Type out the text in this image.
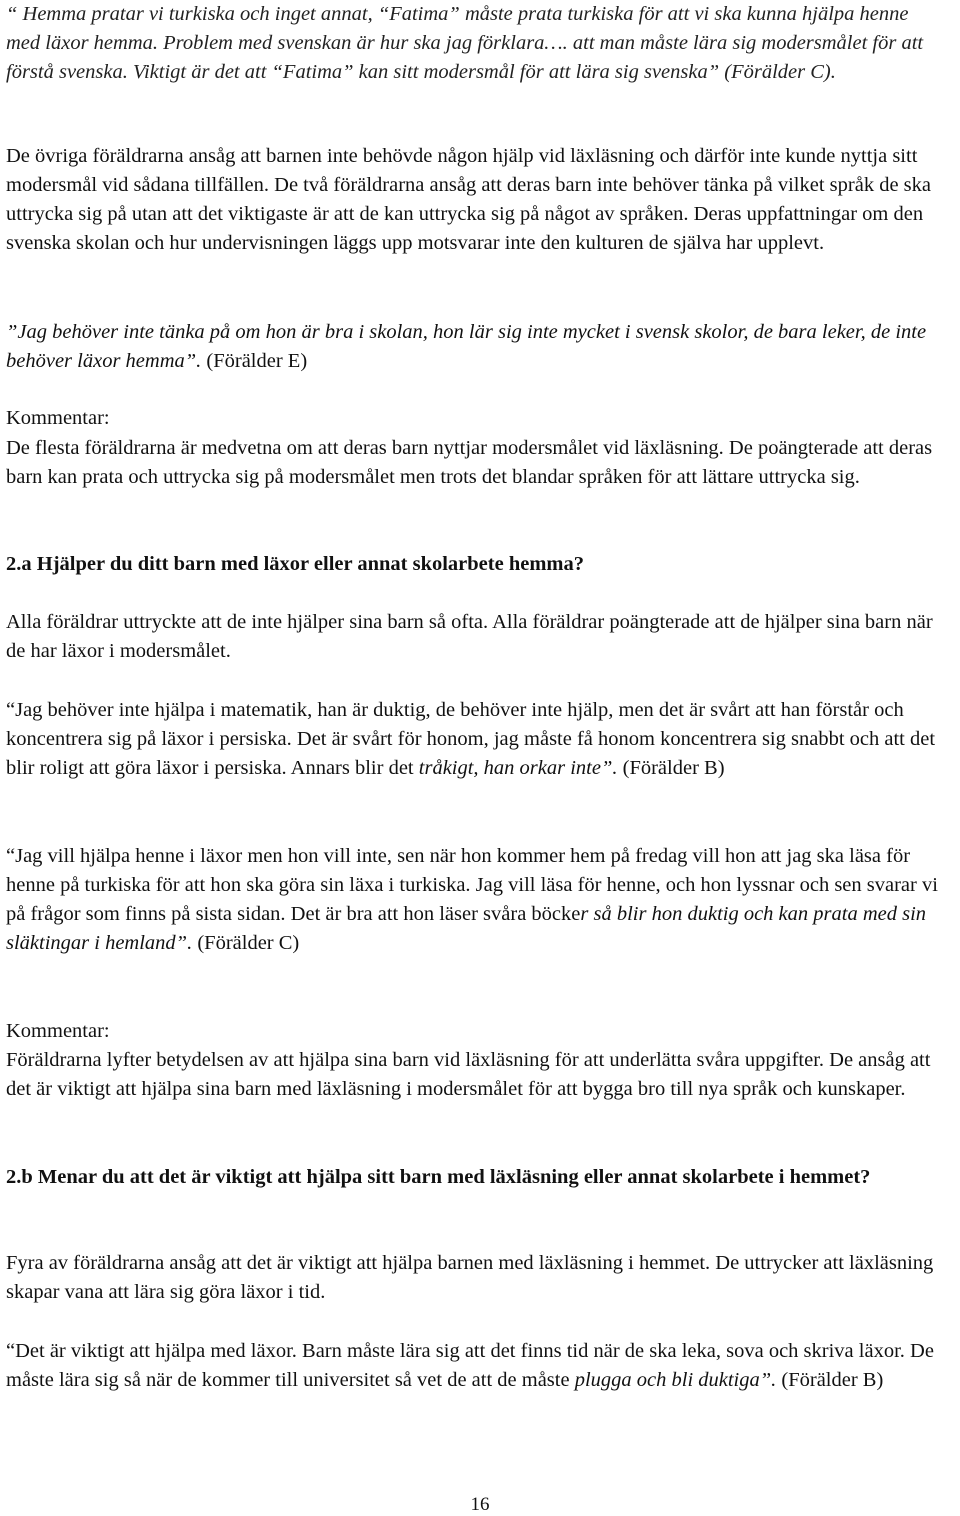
“ Hemma pratar vi turkiska och inget annat, “Fatima” måste prata turkiska för att vi ska kunna hjälpa henne med läxor hemma. Problem med svenskan är hur ska jag förklara…. att man måste lära sig modersmålet för att förstå svenska. Viktigt är det att “Fatima” kan sitt modersmål för att lära sig svenska” (Förälder C).

De övriga föräldrarna ansåg att barnen inte behövde någon hjälp vid läxläsning och därför inte kunde nyttja sitt modersmål vid sådana tillfällen. De två föräldrarna ansåg att deras barn inte behöver tänka på vilket språk de ska uttrycka sig på utan att det viktigaste är att de kan uttrycka sig på något av språken. Deras uppfattningar om den svenska skolan och hur undervisningen läggs upp motsvarar inte den kulturen de själva har upplevt.

”Jag behöver inte tänka på om hon är bra i skolan, hon lär sig inte mycket i svensk skolor, de bara leker, de inte behöver läxor hemma”. (Förälder E)

Kommentar:

De flesta föräldrarna är medvetna om att deras barn nyttjar modersmålet vid läxläsning. De poängterade att deras barn kan prata och uttrycka sig på modersmålet men trots det blandar språken för att lättare uttrycka sig.

2.a Hjälper du ditt barn med läxor eller annat skolarbete hemma?

Alla föräldrar uttryckte att de inte hjälper sina barn så ofta. Alla föräldrar poängterade att de hjälper sina barn när de har läxor i modersmålet.

“Jag behöver inte hjälpa i matematik, han är duktig, de behöver inte hjälp, men det är svårt att han förstår och koncentrera sig på läxor i persiska. Det är svårt för honom, jag måste få honom koncentrera sig snabbt och att det blir roligt att göra läxor i persiska. Annars blir det tråkigt, han orkar inte”. (Förälder B)

“Jag vill hjälpa henne i läxor men hon vill inte, sen när hon kommer hem på fredag vill hon att jag ska läsa för henne på turkiska för att hon ska göra sin läxa i turkiska. Jag vill läsa för henne, och hon lyssnar och sen svarar vi på frågor som finns på sista sidan. Det är bra att hon läser svåra böcker så blir hon duktig och kan prata med sin släktingar i hemland”. (Förälder C)

Kommentar:

Föräldrarna lyfter betydelsen av att hjälpa sina barn vid läxläsning för att underlätta svåra uppgifter. De ansåg att det är viktigt att hjälpa sina barn med läxläsning i modersmålet för att bygga bro till nya språk och kunskaper.

2.b Menar du att det är viktigt att hjälpa sitt barn med läxläsning eller annat skolarbete i hemmet?

Fyra av föräldrarna ansåg att det är viktigt att hjälpa barnen med läxläsning i hemmet. De uttrycker att läxläsning skapar vana att lära sig göra läxor i tid.

“Det är viktigt att hjälpa med läxor. Barn måste lära sig att det finns tid när de ska leka, sova och skriva läxor. De måste lära sig så när de kommer till universitet så vet de att de måste plugga och bli duktiga”. (Förälder B)

16
